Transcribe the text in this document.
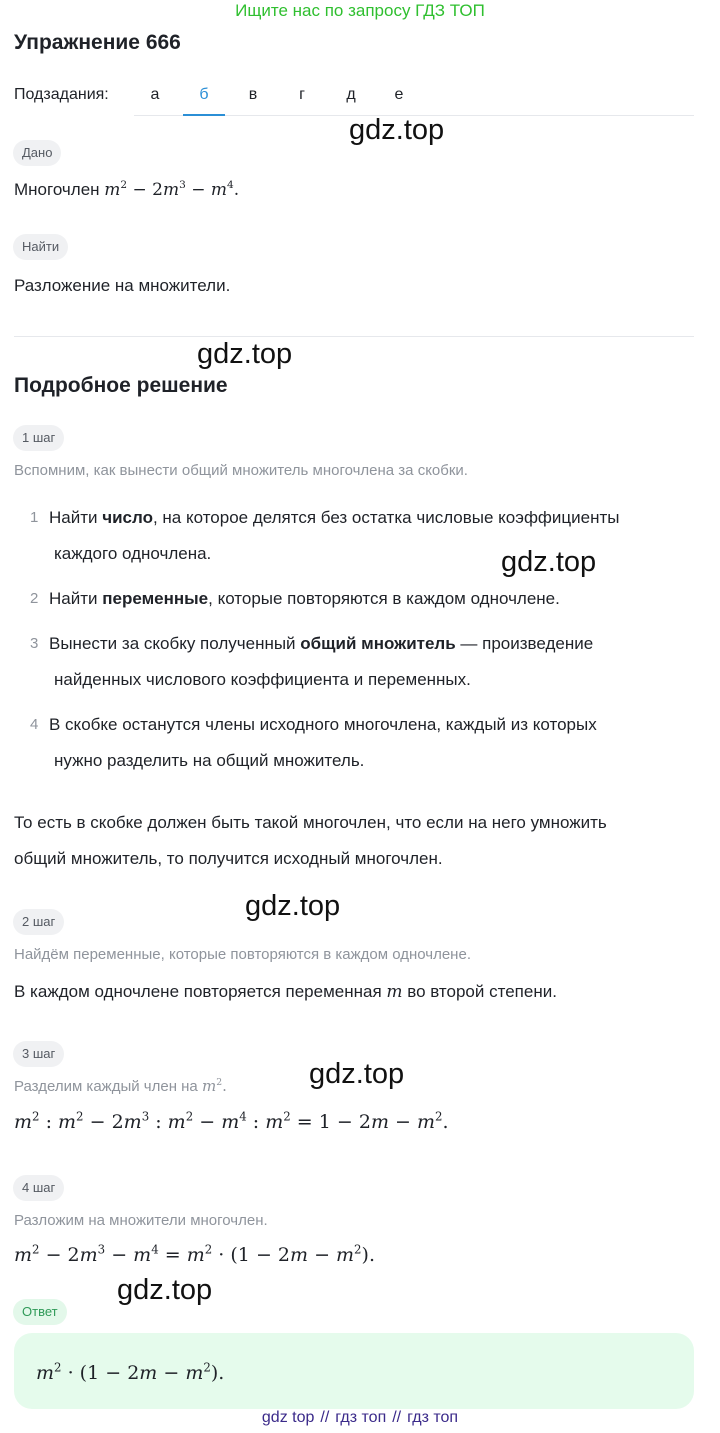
Ищите нас по запросу ГДЗ ТОП
Упражнение 666
Подзадания:	а	б	в	г	д	е
Дано
Многочлен $m^2 - 2m^3 - m^4$.
Найти
Разложение на множители.
Подробное решение
1 шаг
Вспомним, как вынести общий множитель многочлена за скобки.
1 Найти число, на которое делятся без остатка числовые коэффициенты
каждого одночлена.
2 Найти переменные, которые повторяются в каждом одночлене.
3 Вынести за скобку полученный общий множитель — произведение
найденных числового коэффициента и переменных.
4 В скобке останутся члены исходного многочлена, каждый из которых
нужно разделить на общий множитель.
То есть в скобке должен быть такой многочлен, что если на него умножить
общий множитель, то получится исходный многочлен.
2 шаг
Найдём переменные, которые повторяются в каждом одночлене.
В каждом одночлене повторяется переменная m во второй степени.
3 шаг
Разделим каждый член на $m^2$.
$m^2$ : $m^2 - 2m^3$ : $m^2 - m^4$ : $m^2 = 1 - 2m - m^2$.
4 шаг
Разложим на множители многочлен.
$m^2 - 2m^3 - m^4 = m^2 \cdot (1 - 2m - m^2)$.
Ответ
$m^2 \cdot (1 - 2m - m^2)$.
gdz.top
gdz.top
gdz.top
gdz.top
gdz.top
gdz.top
gdz top // гдз топ // гдз топ
